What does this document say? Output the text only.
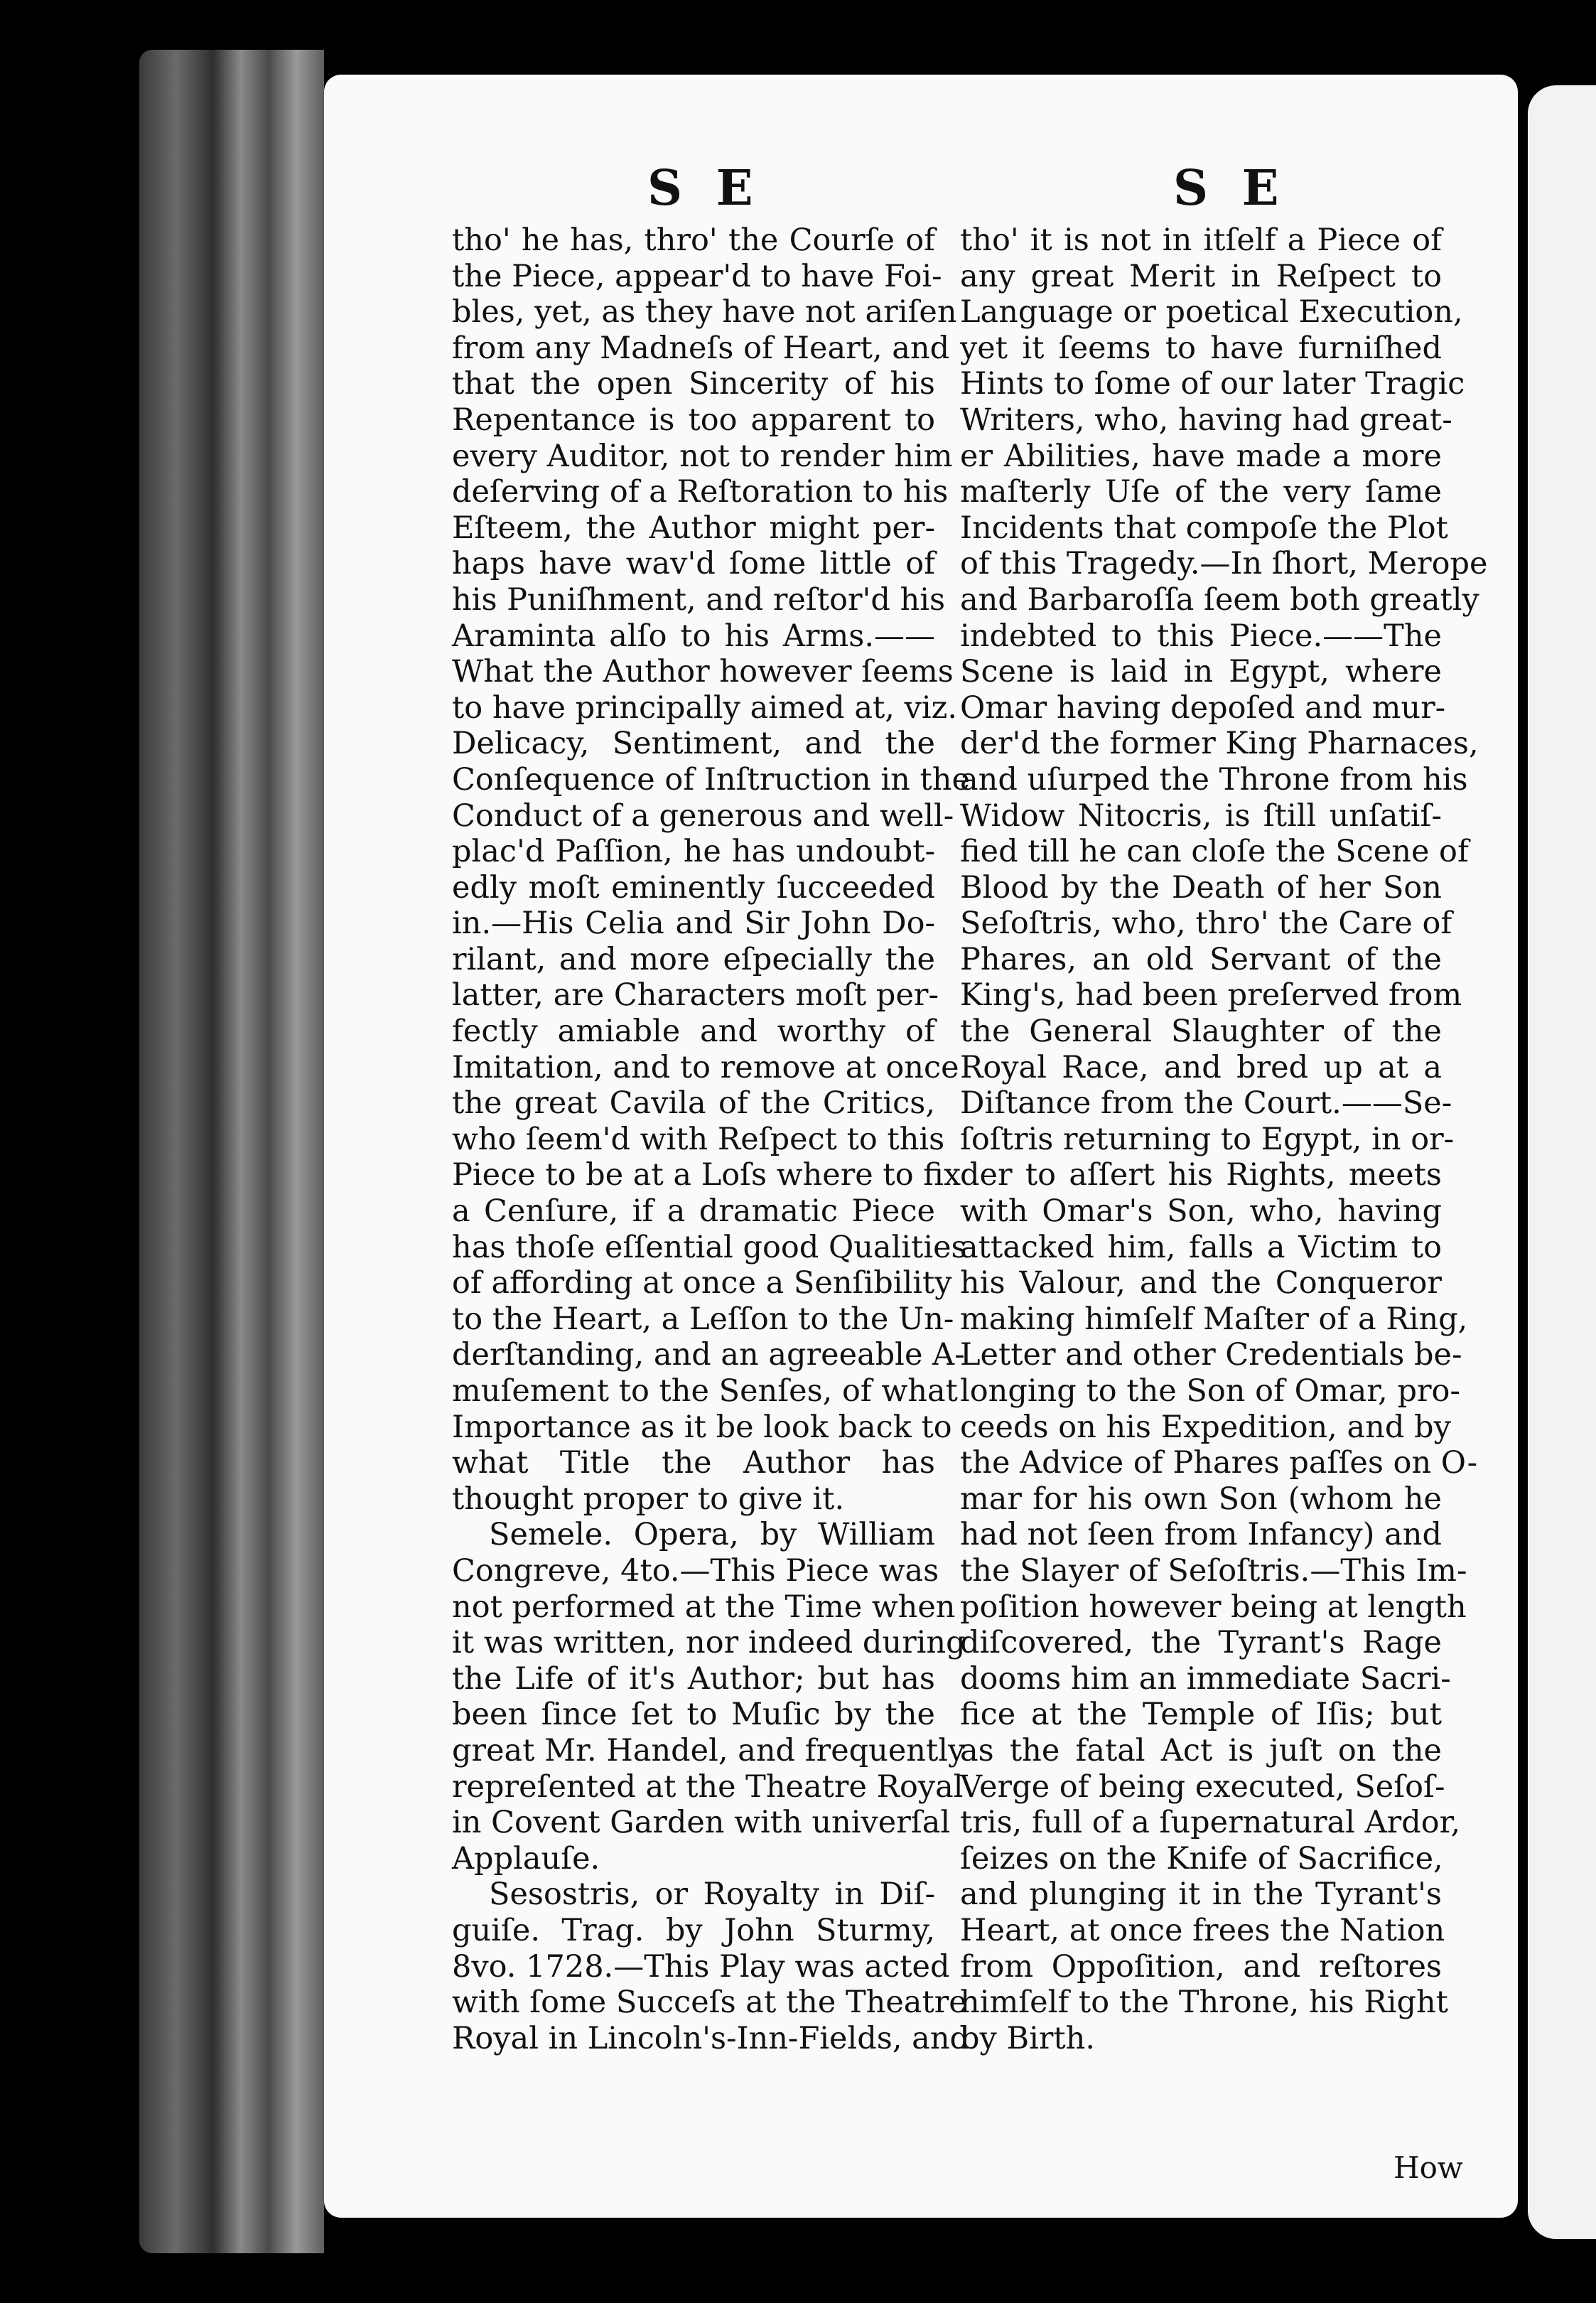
S E	S E
tho' he has, thro' the Courſe of
the Piece, appear'd to have Foi-
bles, yet, as they have not ariſen
from any Madneſs of Heart, and
that the open Sincerity of his
Repentance is too apparent to
every Auditor, not to render him
deſerving of a Reſtoration to his
Eſteem, the Author might per-
haps have wav'd ſome little of
his Puniſhment, and reſtor'd his
Araminta alſo to his Arms.——
What the Author however ſeems
to have principally aimed at, viz.
Delicacy, Sentiment, and the
Conſequence of Inſtruction in the
Conduct of a generous and well-
plac'd Paſſion, he has undoubt-
edly moſt eminently ſucceeded
in.—His Celia and Sir John Do-
rilant, and more eſpecially the
latter, are Characters moſt per-
fectly amiable and worthy of
Imitation, and to remove at once
the great Cavila of the Critics,
who ſeem'd with Reſpect to this
Piece to be at a Loſs where to fix
a Cenſure, if a dramatic Piece
has thoſe eſſential good Qualities
of affording at once a Senſibility
to the Heart, a Leſſon to the Un-
derſtanding, and an agreeable A-
muſement to the Senſes, of what
Importance as it be look back to
what Title the Author has
thought proper to give it.
Semele. Opera, by William
Congreve, 4to.—This Piece was
not performed at the Time when
it was written, nor indeed during
the Life of it's Author; but has
been ſince ſet to Muſic by the
great Mr. Handel, and frequently
repreſented at the Theatre Royal
in Covent Garden with univerſal
Applauſe.
Sesostris, or Royalty in Diſ-
guiſe. Trag. by John Sturmy,
8vo. 1728.—This Play was acted
with ſome Succeſs at the Theatre
Royal in Lincoln's-Inn-Fields, and
tho' it is not in itſelf a Piece of
any great Merit in Reſpect to
Language or poetical Execution,
yet it ſeems to have furniſhed
Hints to ſome of our later Tragic
Writers, who, having had great-
er Abilities, have made a more
maſterly Uſe of the very ſame
Incidents that compoſe the Plot
of this Tragedy.—In ſhort, Merope
and Barbaroſſa ſeem both greatly
indebted to this Piece.——The
Scene is laid in Egypt, where
Omar having depoſed and mur-
der'd the former King Pharnaces,
and uſurped the Throne from his
Widow Nitocris, is ſtill unſatiſ-
fied till he can cloſe the Scene of
Blood by the Death of her Son
Seſoſtris, who, thro' the Care of
Phares, an old Servant of the
King's, had been preſerved from
the General Slaughter of the
Royal Race, and bred up at a
Diſtance from the Court.——Se-
ſoſtris returning to Egypt, in or-
der to aſſert his Rights, meets
with Omar's Son, who, having
attacked him, falls a Victim to
his Valour, and the Conqueror
making himſelf Maſter of a Ring,
Letter and other Credentials be-
longing to the Son of Omar, pro-
ceeds on his Expedition, and by
the Advice of Phares paſſes on O-
mar for his own Son (whom he
had not ſeen from Infancy) and
the Slayer of Seſoſtris.—This Im-
poſition however being at length
diſcovered, the Tyrant's Rage
dooms him an immediate Sacri-
fice at the Temple of Iſis; but
as the fatal Act is juſt on the
Verge of being executed, Seſoſ-
tris, full of a ſupernatural Ardor,
ſeizes on the Knife of Sacrifice,
and plunging it in the Tyrant's
Heart, at once frees the Nation
from Oppoſition, and reſtores
himſelf to the Throne, his Right
by Birth.
How
